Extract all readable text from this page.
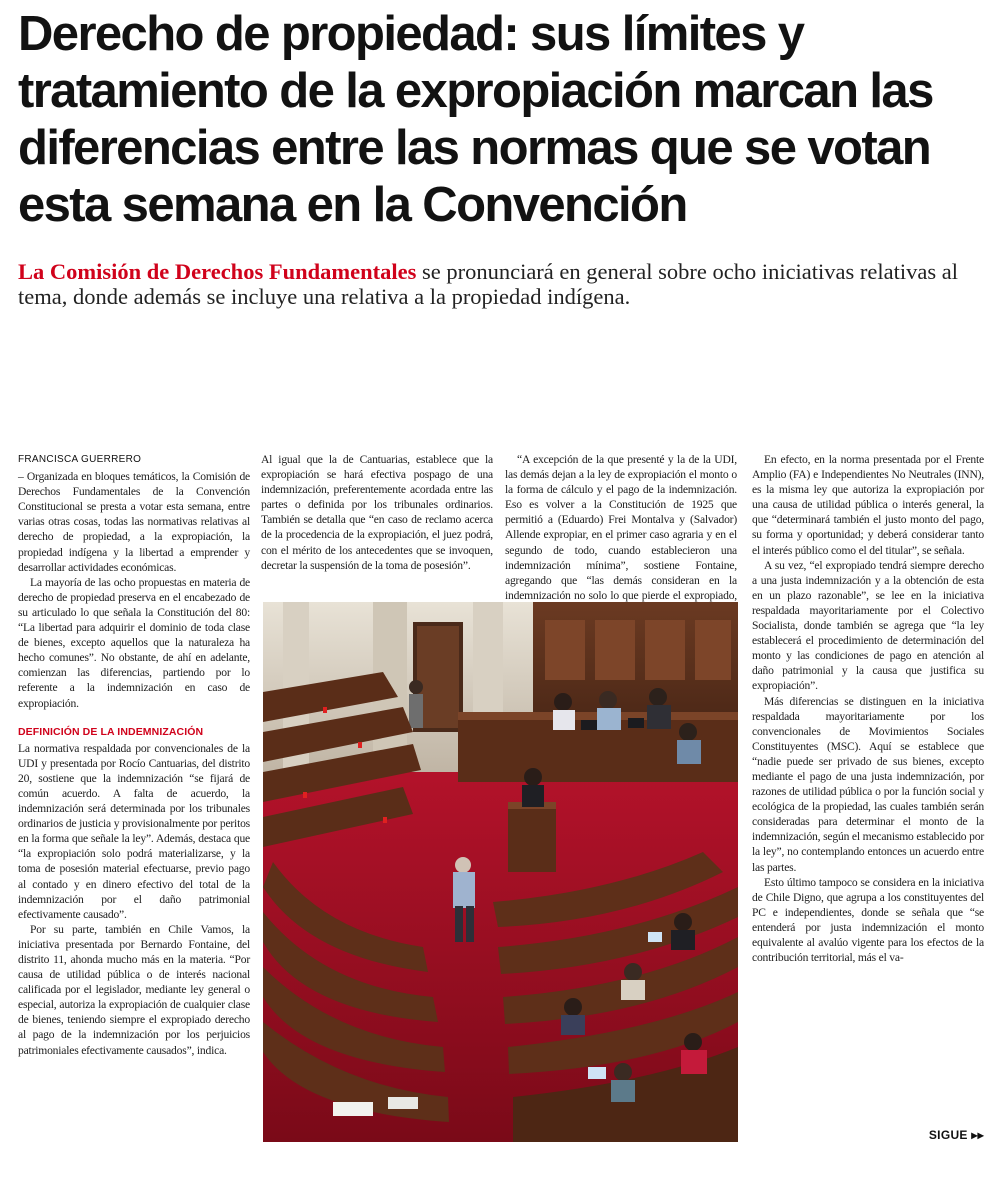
Derecho de propiedad: sus límites y tratamiento de la expropiación marcan las diferencias entre las normas que se votan esta semana en la Convención

La Comisión de Derechos Fundamentales se pronunciará en general sobre ocho iniciativas relativas al tema, donde además se incluye una relativa a la propiedad indígena.

FRANCISCA GUERRERO

– Organizada en bloques temáticos, la Comisión de Derechos Fundamentales de la Convención Constitucional se presta a votar esta semana, entre varias otras cosas, todas las normativas relativas al derecho de propiedad, a la expropiación, la propiedad indígena y la libertad a emprender y desarrollar actividades económicas.

La mayoría de las ocho propuestas en materia de derecho de propiedad preserva en el encabezado de su articulado lo que señala la Constitución del 80: “La libertad para adquirir el dominio de toda clase de bienes, excepto aquellos que la naturaleza ha hecho comunes”. No obstante, de ahí en adelante, comienzan las diferencias, partiendo por lo referente a la indemnización en caso de expropiación.

DEFINICIÓN DE LA INDEMNIZACIÓN

La normativa respaldada por convencionales de la UDI y presentada por Rocío Cantuarias, del distrito 20, sostiene que la indemnización “se fijará de común acuerdo. A falta de acuerdo, la indemnización será determinada por los tribunales ordinarios de justicia y provisionalmente por peritos en la forma que señale la ley”. Además, destaca que “la expropiación solo podrá materializarse, y la toma de posesión material efectuarse, previo pago al contado y en dinero efectivo del total de la indemnización por el daño patrimonial efectivamente causado”.

Por su parte, también en Chile Vamos, la iniciativa presentada por Bernardo Fontaine, del distrito 11, ahonda mucho más en la materia. “Por causa de utilidad pública o de interés nacional calificada por el legislador, mediante ley general o especial, autoriza la expropiación de cualquier clase de bienes, teniendo siempre el expropiado derecho al pago de la indemnización por los perjuicios patrimoniales efectivamente causados”, indica.

Al igual que la de Cantuarias, establece que la expropiación se hará efectiva pospago de una indemnización, preferentemente acordada entre las partes o definida por los tribunales ordinarios. También se detalla que “en caso de reclamo acerca de la procedencia de la expropiación, el juez podrá, con el mérito de los antecedentes que se invoquen, decretar la suspensión de la toma de posesión”.

“A excepción de la que presenté y la de la UDI, las demás dejan a la ley de expropiación el monto o la forma de cálculo y el pago de la indemnización. Eso es volver a la Constitución de 1925 que permitió a (Eduardo) Frei Montalva y (Salvador) Allende expropiar, en el primer caso agraria y en el segundo de todo, cuando establecieron una indemnización mínima”, sostiene Fontaine, agregando que “las demás consideran en la indemnización no solo lo que pierde el expropiado,

En efecto, en la norma presentada por el Frente Amplio (FA) e Independientes No Neutrales (INN), es la misma ley que autoriza la expropiación por una causa de utilidad pública o interés general, la que “determinará también el justo monto del pago, su forma y oportunidad; y deberá considerar tanto el interés público como el del titular”, se señala.

A su vez, “el expropiado tendrá siempre derecho a una justa indemnización y a la obtención de esta en un plazo razonable”, se lee en la iniciativa respaldada mayoritariamente por el Colectivo Socialista, donde también se agrega que “la ley establecerá el procedimiento de determinación del monto y las condiciones de pago en atención al daño patrimonial y la causa que justifica su expropiación”.

Más diferencias se distinguen en la iniciativa respaldada mayoritariamente por los convencionales de Movimientos Sociales Constituyentes (MSC). Aquí se establece que “nadie puede ser privado de sus bienes, excepto mediante el pago de una justa indemnización, por razones de utilidad pública o por la función social y ecológica de la propiedad, las cuales también serán consideradas para determinar el monto de la indemnización, según el mecanismo establecido por la ley”, no contemplando entonces un acuerdo entre las partes.

Esto último tampoco se considera en la iniciativa de Chile Digno, que agrupa a los constituyentes del PC e independientes, donde se señala que “se entenderá por justa indemnización el monto equivalente al avalúo vigente para los efectos de la contribución territorial, más el va-

SIGUE ▸▸
